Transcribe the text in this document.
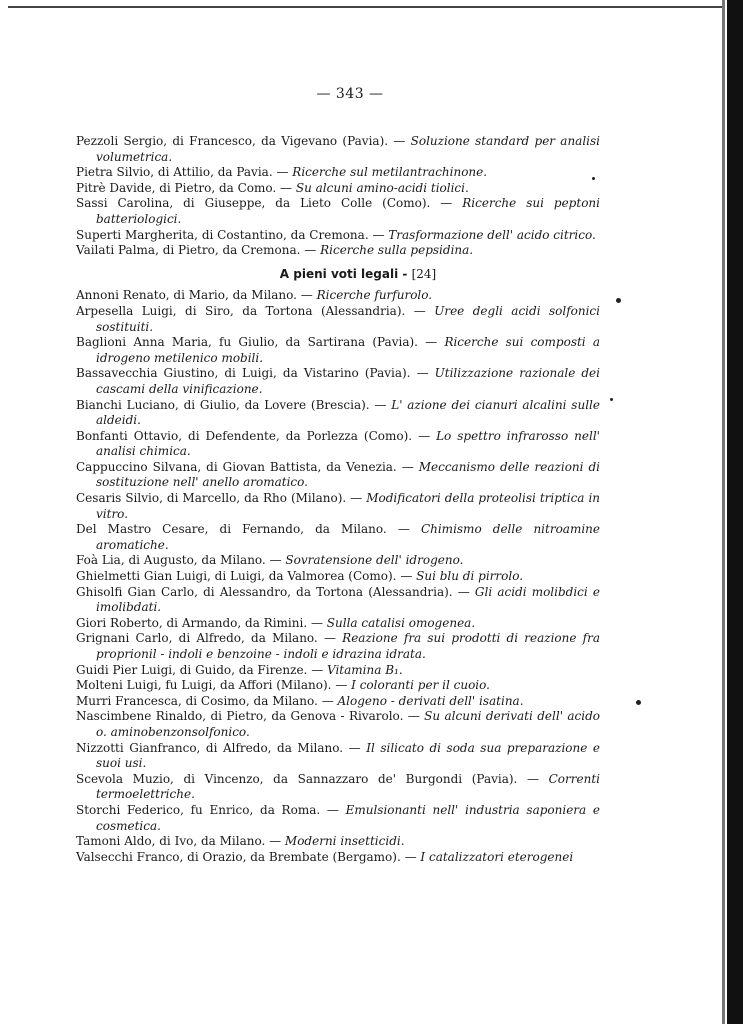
— 343 —

Pezzoli Sergio, di Francesco, da Vigevano (Pavia). — Soluzione standard per analisi volumetrica.

Pietra Silvio, di Attilio, da Pavia. — Ricerche sul metilantrachinone.

Pitrè Davide, di Pietro, da Como. — Su alcuni amino-acidi tiolici.

Sassi Carolina, di Giuseppe, da Lieto Colle (Como). — Ricerche sui peptoni batteriologici.

Superti Margherita, di Costantino, da Cremona. — Trasformazione dell' acido citrico.

Vailati Palma, di Pietro, da Cremona. — Ricerche sulla pepsidina.

A pieni voti legali - [24]

Annoni Renato, di Mario, da Milano. — Ricerche furfurolo.

Arpesella Luigi, di Siro, da Tortona (Alessandria). — Uree degli acidi solfonici sostituiti.

Baglioni Anna Maria, fu Giulio, da Sartirana (Pavia). — Ricerche sui composti a idrogeno metilenico mobili.

Bassavecchia Giustino, di Luigi, da Vistarino (Pavia). — Utilizzazione razionale dei cascami della vinificazione.

Bianchi Luciano, di Giulio, da Lovere (Brescia). — L' azione dei cianuri alcalini sulle aldeidi.

Bonfanti Ottavio, di Defendente, da Porlezza (Como). — Lo spettro infrarosso nell' analisi chimica.

Cappuccino Silvana, di Giovan Battista, da Venezia. — Meccanismo delle reazioni di sostituzione nell' anello aromatico.

Cesaris Silvio, di Marcello, da Rho (Milano). — Modificatori della proteolisi triptica in vitro.

Del Mastro Cesare, di Fernando, da Milano. — Chimismo delle nitroamine aromatiche.

Foà Lia, di Augusto, da Milano. — Sovratensione dell' idrogeno.

Ghielmetti Gian Luigi, di Luigi, da Valmorea (Como). — Sui blu di pirrolo.

Ghisolfi Gian Carlo, di Alessandro, da Tortona (Alessandria). — Gli acidi molibdici e imolibdati.

Giori Roberto, di Armando, da Rimini. — Sulla catalisi omogenea.

Grignani Carlo, di Alfredo, da Milano. — Reazione fra sui prodotti di reazione fra proprionil - indoli e benzoine - indoli e idrazina idrata.

Guidi Pier Luigi, di Guido, da Firenze. — Vitamina B₁.

Molteni Luigi, fu Luigi, da Affori (Milano). — I coloranti per il cuoio.

Murri Francesca, di Cosimo, da Milano. — Alogeno - derivati dell' isatina.

Nascimbene Rinaldo, di Pietro, da Genova - Rivarolo. — Su alcuni derivati dell' acido o. aminobenzonsolfonico.

Nizzotti Gianfranco, di Alfredo, da Milano. — Il silicato di soda sua preparazione e suoi usi.

Scevola Muzio, di Vincenzo, da Sannazzaro de' Burgondi (Pavia). — Correnti termoelettriche.

Storchi Federico, fu Enrico, da Roma. — Emulsionanti nell' industria saponiera e cosmetica.

Tamoni Aldo, di Ivo, da Milano. — Moderni insetticidi.

Valsecchi Franco, di Orazio, da Brembate (Bergamo). — I catalizzatori eterogenei
